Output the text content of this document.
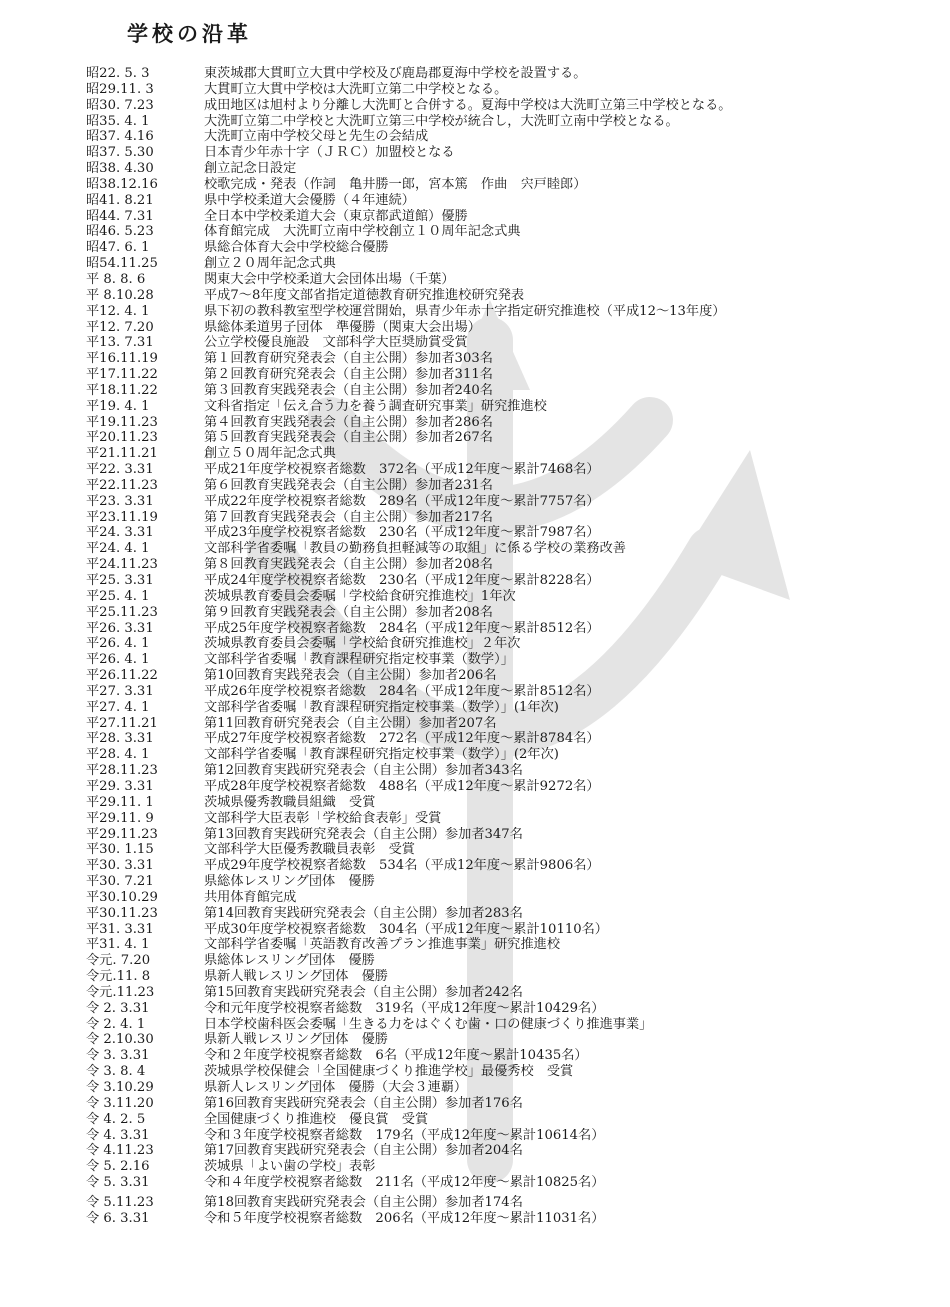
学校の沿革
昭22. 5. 3	東茨城郡大貫町立大貫中学校及び鹿島郡夏海中学校を設置する。
昭29.11. 3	大貫町立大貫中学校は大洗町立第二中学校となる。
昭30. 7.23	成田地区は旭村より分離し大洗町と合併する。夏海中学校は大洗町立第三中学校となる。
昭35. 4. 1	大洗町立第二中学校と大洗町立第三中学校が統合し，大洗町立南中学校となる。
昭37. 4.16	大洗町立南中学校父母と先生の会結成
昭37. 5.30	日本青少年赤十字（ＪＲＣ）加盟校となる
昭38. 4.30	創立記念日設定
昭38.12.16	校歌完成・発表（作詞　亀井勝一郎，宮本篤　作曲　宍戸睦郎）
昭41. 8.21	県中学校柔道大会優勝（４年連続）
昭44. 7.31	全日本中学校柔道大会（東京都武道館）優勝
昭46. 5.23	体育館完成　大洗町立南中学校創立１０周年記念式典
昭47. 6. 1	県総合体育大会中学校総合優勝
昭54.11.25	創立２０周年記念式典
平 8. 8. 6	関東大会中学校柔道大会団体出場（千葉）
平 8.10.28	平成7～8年度文部省指定道徳教育研究推進校研究発表
平12. 4. 1	県下初の教科教室型学校運営開始，県青少年赤十字指定研究推進校（平成12～13年度）
平12. 7.20	県総体柔道男子団体　準優勝（関東大会出場）
平13. 7.31	公立学校優良施設　文部科学大臣奨励賞受賞
平16.11.19	第１回教育研究発表会（自主公開）参加者303名
平17.11.22	第２回教育研究発表会（自主公開）参加者311名
平18.11.22	第３回教育実践発表会（自主公開）参加者240名
平19. 4. 1	文科省指定「伝え合う力を養う調査研究事業」研究推進校
平19.11.23	第４回教育実践発表会（自主公開）参加者286名
平20.11.23	第５回教育実践発表会（自主公開）参加者267名
平21.11.21	創立５０周年記念式典
平22. 3.31	平成21年度学校視察者総数　372名（平成12年度～累計7468名）
平22.11.23	第６回教育実践発表会（自主公開）参加者231名
平23. 3.31	平成22年度学校視察者総数　289名（平成12年度～累計7757名）
平23.11.19	第７回教育実践発表会（自主公開）参加者217名
平24. 3.31	平成23年度学校視察者総数　230名（平成12年度～累計7987名）
平24. 4. 1	文部科学省委嘱「教員の勤務負担軽減等の取組」に係る学校の業務改善
平24.11.23	第８回教育実践発表会（自主公開）参加者208名
平25. 3.31	平成24年度学校視察者総数　230名（平成12年度～累計8228名）
平25. 4. 1	茨城県教育委員会委嘱「学校給食研究推進校」1年次
平25.11.23	第９回教育実践発表会（自主公開）参加者208名
平26. 3.31	平成25年度学校視察者総数　284名（平成12年度～累計8512名）
平26. 4. 1	茨城県教育委員会委嘱「学校給食研究推進校」２年次
平26. 4. 1	文部科学省委嘱「教育課程研究指定校事業（数学）」
平26.11.22	第10回教育実践発表会（自主公開）参加者206名
平27. 3.31	平成26年度学校視察者総数　284名（平成12年度～累計8512名）
平27. 4. 1	文部科学省委嘱「教育課程研究指定校事業（数学）」(1年次)
平27.11.21	第11回教育研究発表会（自主公開）参加者207名
平28. 3.31	平成27年度学校視察者総数　272名（平成12年度～累計8784名）
平28. 4. 1	文部科学省委嘱「教育課程研究指定校事業（数学）」(2年次)
平28.11.23	第12回教育実践研究発表会（自主公開）参加者343名
平29. 3.31	平成28年度学校視察者総数　488名（平成12年度～累計9272名）
平29.11. 1	茨城県優秀教職員組織　受賞
平29.11. 9	文部科学大臣表彰「学校給食表彰」受賞
平29.11.23	第13回教育実践研究発表会（自主公開）参加者347名
平30. 1.15	文部科学大臣優秀教職員表彰　受賞
平30. 3.31	平成29年度学校視察者総数　534名（平成12年度～累計9806名）
平30. 7.21	県総体レスリング団体　優勝
平30.10.29	共用体育館完成
平30.11.23	第14回教育実践研究発表会（自主公開）参加者283名
平31. 3.31	平成30年度学校視察者総数　304名（平成12年度～累計10110名）
平31. 4. 1	文部科学省委嘱「英語教育改善プラン推進事業」研究推進校
令元. 7.20	県総体レスリング団体　優勝
令元.11. 8	県新人戦レスリング団体　優勝
令元.11.23	第15回教育実践研究発表会（自主公開）参加者242名
令 2. 3.31	令和元年度学校視察者総数　319名（平成12年度～累計10429名）
令 2. 4. 1	日本学校歯科医会委嘱「生きる力をはぐくむ歯・口の健康づくり推進事業」
令 2.10.30	県新人戦レスリング団体　優勝
令 3. 3.31	令和２年度学校視察者総数　6名（平成12年度～累計10435名）
令 3. 8. 4	茨城県学校保健会「全国健康づくり推進学校」最優秀校　受賞
令 3.10.29	県新人レスリング団体　優勝（大会３連覇）
令 3.11.20	第16回教育実践研究発表会（自主公開）参加者176名
令 4. 2. 5	全国健康づくり推進校　優良賞　受賞
令 4. 3.31	令和３年度学校視察者総数　179名（平成12年度～累計10614名）
令 4.11.23	第17回教育実践研究発表会（自主公開）参加者204名
令 5. 2.16	茨城県「よい歯の学校」表彰
令 5. 3.31	令和４年度学校視察者総数　211名（平成12年度～累計10825名）
令 5.11.23	第18回教育実践研究発表会（自主公開）参加者174名
令 6. 3.31	令和５年度学校視察者総数　206名（平成12年度～累計11031名）
